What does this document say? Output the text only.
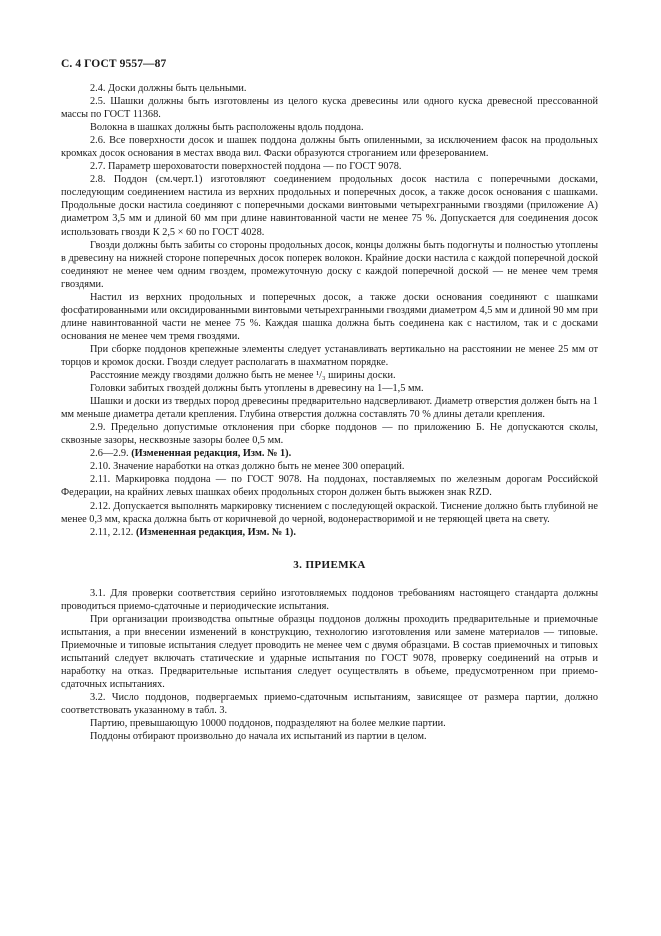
С. 4 ГОСТ 9557—87

2.4. Доски должны быть цельными.

2.5. Шашки должны быть изготовлены из целого куска древесины или одного куска древесной прессованной массы по ГОСТ 11368.

Волокна в шашках должны быть расположены вдоль поддона.

2.6. Все поверхности досок и шашек поддона должны быть опиленными, за исключением фасок на продольных кромках досок основания в местах ввода вил. Фаски образуются строганием или фрезерованием.

2.7. Параметр шероховатости поверхностей поддона — по ГОСТ 9078.

2.8. Поддон (см.черт.1) изготовляют соединением продольных досок настила с поперечными досками, последующим соединением настила из верхних продольных и поперечных досок, а также досок основания с шашками. Продольные доски настила соединяют с поперечными досками винтовыми четырехгранными гвоздями (приложение А) диаметром 3,5 мм и длиной 60 мм при длине навинтованной части не менее 75 %. Допускается для соединения досок использовать гвозди К 2,5 × 60 по ГОСТ 4028.

Гвозди должны быть забиты со стороны продольных досок, концы должны быть подогнуты и полностью утоплены в древесину на нижней стороне поперечных досок поперек волокон. Крайние доски настила с каждой поперечной доской соединяют не менее чем одним гвоздем, промежуточную доску с каждой поперечной доской — не менее чем тремя гвоздями.

Настил из верхних продольных и поперечных досок, а также доски основания соединяют с шашками фосфатированными или оксидированными винтовыми четырехгранными гвоздями диаметром 4,5 мм и длиной 90 мм при длине навинтованной части не менее 75 %. Каждая шашка должна быть соединена как с настилом, так и с досками основания не менее чем тремя гвоздями.

При сборке поддонов крепежные элементы следует устанавливать вертикально на расстоянии не менее 25 мм от торцов и кромок доски. Гвозди следует располагать в шахматном порядке.

Расстояние между гвоздями должно быть не менее ¹/₃ ширины доски.

Головки забитых гвоздей должны быть утоплены в древесину на 1—1,5 мм.

Шашки и доски из твердых пород древесины предварительно надсверливают. Диаметр отверстия должен быть на 1 мм меньше диаметра детали крепления. Глубина отверстия должна составлять 70 % длины детали крепления.

2.9. Предельно допустимые отклонения при сборке поддонов — по приложению Б. Не допускаются сколы, сквозные зазоры, несквозные зазоры более 0,5 мм.

2.6—2.9. (Измененная редакция, Изм. № 1).

2.10. Значение наработки на отказ должно быть не менее 300 операций.

2.11. Маркировка поддона — по ГОСТ 9078. На поддонах, поставляемых по железным дорогам Российской Федерации, на крайних левых шашках обеих продольных сторон должен быть выжжен знак RZD.

2.12. Допускается выполнять маркировку тиснением с последующей окраской. Тиснение должно быть глубиной не менее 0,3 мм, краска должна быть от коричневой до черной, водонерастворимой и не теряющей цвета на свету.

2.11, 2.12. (Измененная редакция, Изм. № 1).

3. ПРИЕМКА

3.1. Для проверки соответствия серийно изготовляемых поддонов требованиям настоящего стандарта должны проводиться приемо-сдаточные и периодические испытания.

При организации производства опытные образцы поддонов должны проходить предварительные и приемочные испытания, а при внесении изменений в конструкцию, технологию изготовления или замене материалов — типовые. Приемочные и типовые испытания следует проводить не менее чем с двумя образцами. В состав приемочных и типовых испытаний следует включать статические и ударные испытания по ГОСТ 9078, проверку соединений на отрыв и наработку на отказ. Предварительные испытания следует осуществлять в объеме, предусмотренном при приемо-сдаточных испытаниях.

3.2. Число поддонов, подвергаемых приемо-сдаточным испытаниям, зависящее от размера партии, должно соответствовать указанному в табл. 3.

Партию, превышающую 10000 поддонов, подразделяют на более мелкие партии.

Поддоны отбирают произвольно до начала их испытаний из партии в целом.
